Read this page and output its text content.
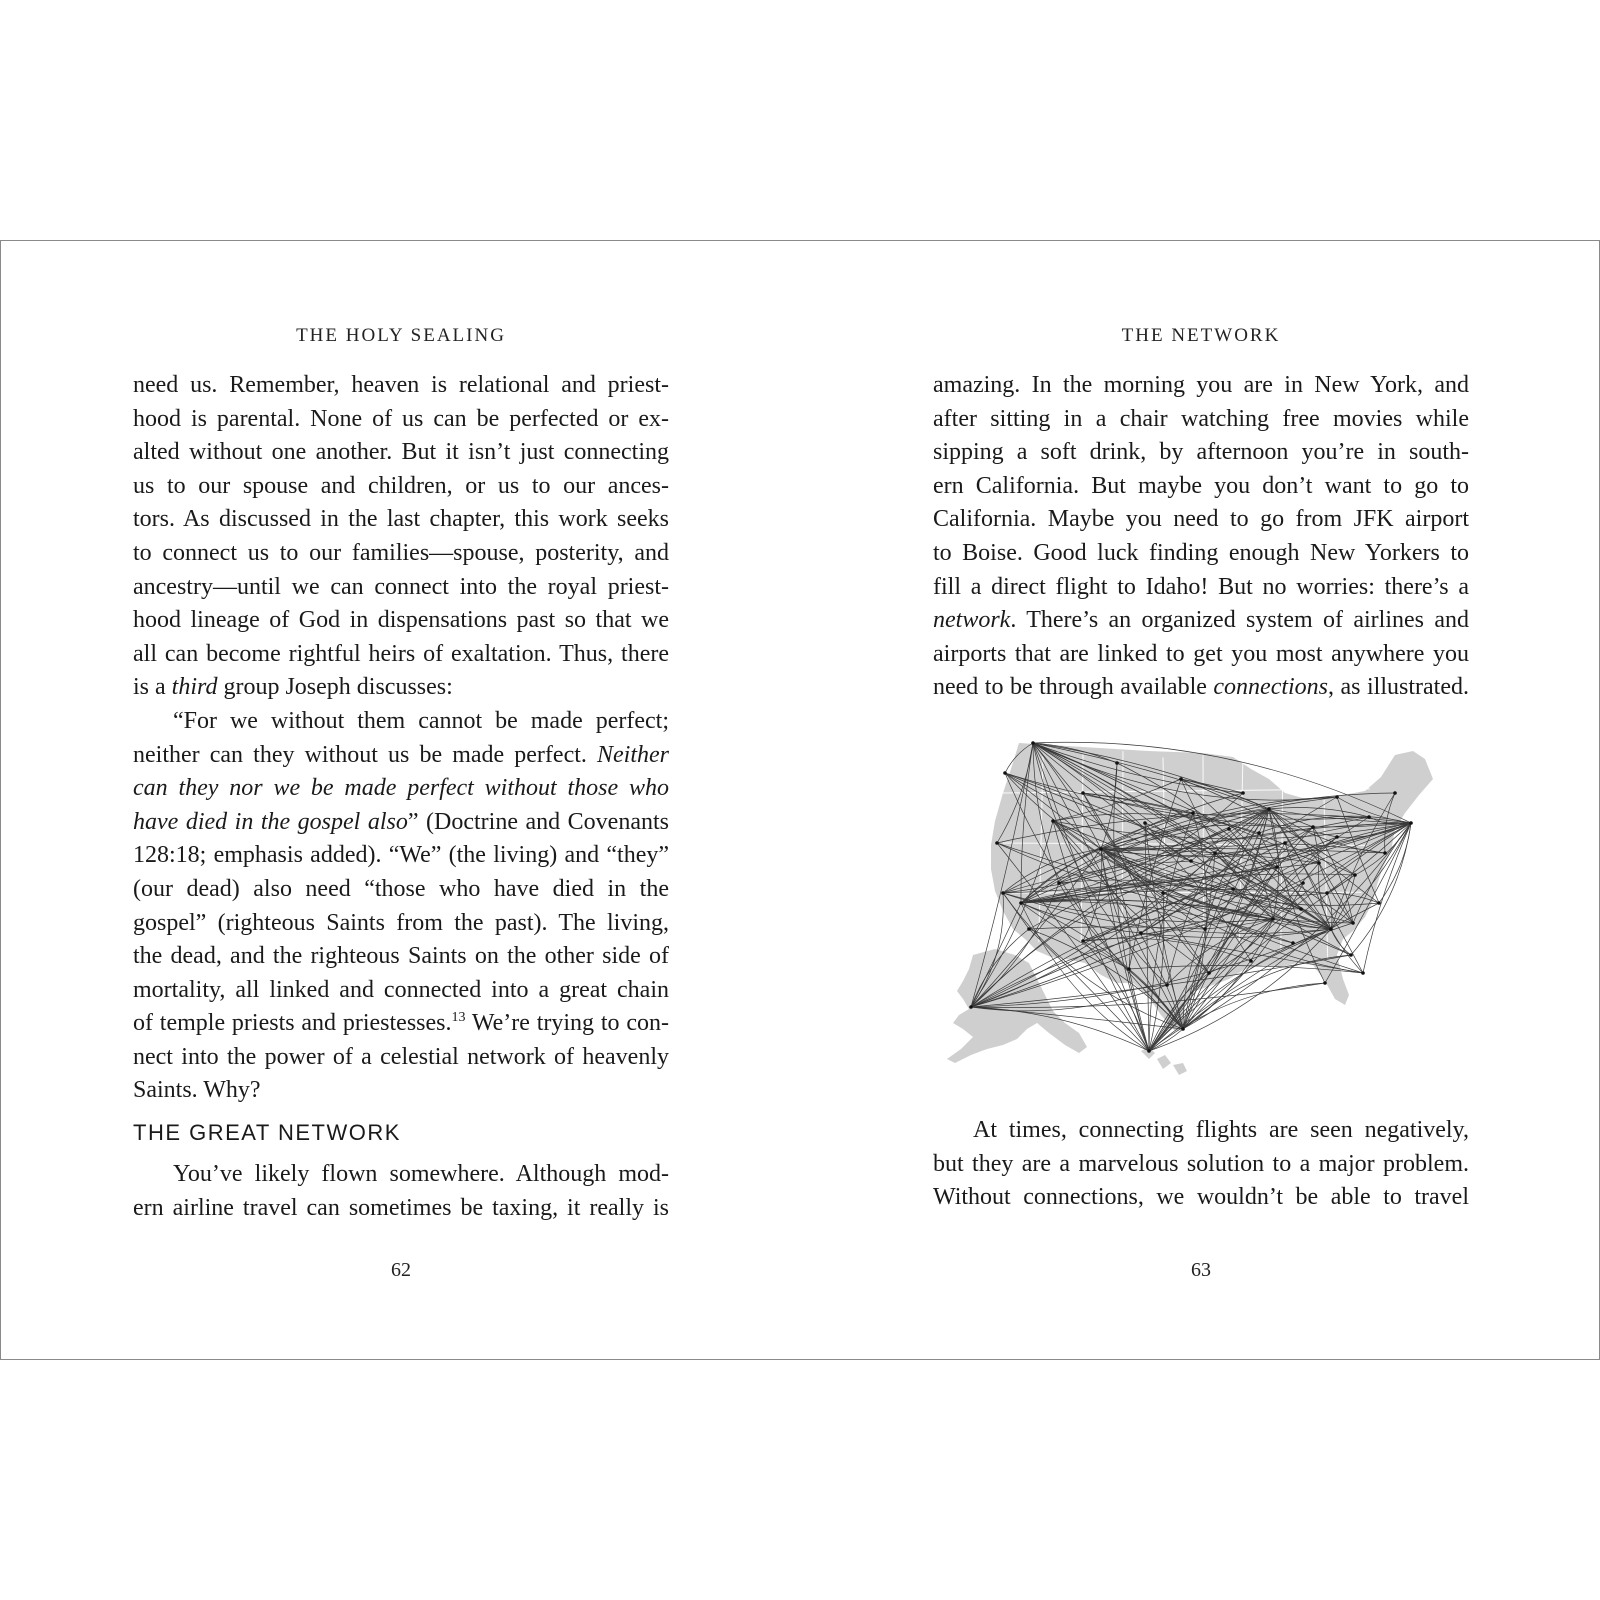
THE HOLY SEALING
need us. Remember, heaven is relational and priest-
hood is parental. None of us can be perfected or ex-
alted without one another. But it isn’t just connecting
us to our spouse and children, or us to our ances-
tors. As discussed in the last chapter, this work seeks
to connect us to our families—spouse, posterity, and
ancestry—until we can connect into the royal priest-
hood lineage of God in dispensations past so that we
all can become rightful heirs of exaltation. Thus, there
is a third group Joseph discusses:
“For we without them cannot be made perfect;
neither can they without us be made perfect. Neither
can they nor we be made perfect without those who
have died in the gospel also” (Doctrine and Covenants
128:18; emphasis added). “We” (the living) and “they”
(our dead) also need “those who have died in the
gospel” (righteous Saints from the past). The living,
the dead, and the righteous Saints on the other side of
mortality, all linked and connected into a great chain
of temple priests and priestesses.$^{13}$ We’re trying to con-
nect into the power of a celestial network of heavenly
Saints. Why?
THE GREAT NETWORK
You’ve likely flown somewhere. Although mod-
ern airline travel can sometimes be taxing, it really is
62
THE NETWORK
amazing. In the morning you are in New York, and
after sitting in a chair watching free movies while
sipping a soft drink, by afternoon you’re in south-
ern California. But maybe you don’t want to go to
California. Maybe you need to go from JFK airport
to Boise. Good luck finding enough New Yorkers to
fill a direct flight to Idaho! But no worries: there’s a
network. There’s an organized system of airlines and
airports that are linked to get you most anywhere you
need to be through available connections, as illustrated.
At times, connecting flights are seen negatively,
but they are a marvelous solution to a major problem.
Without connections, we wouldn’t be able to travel
63
